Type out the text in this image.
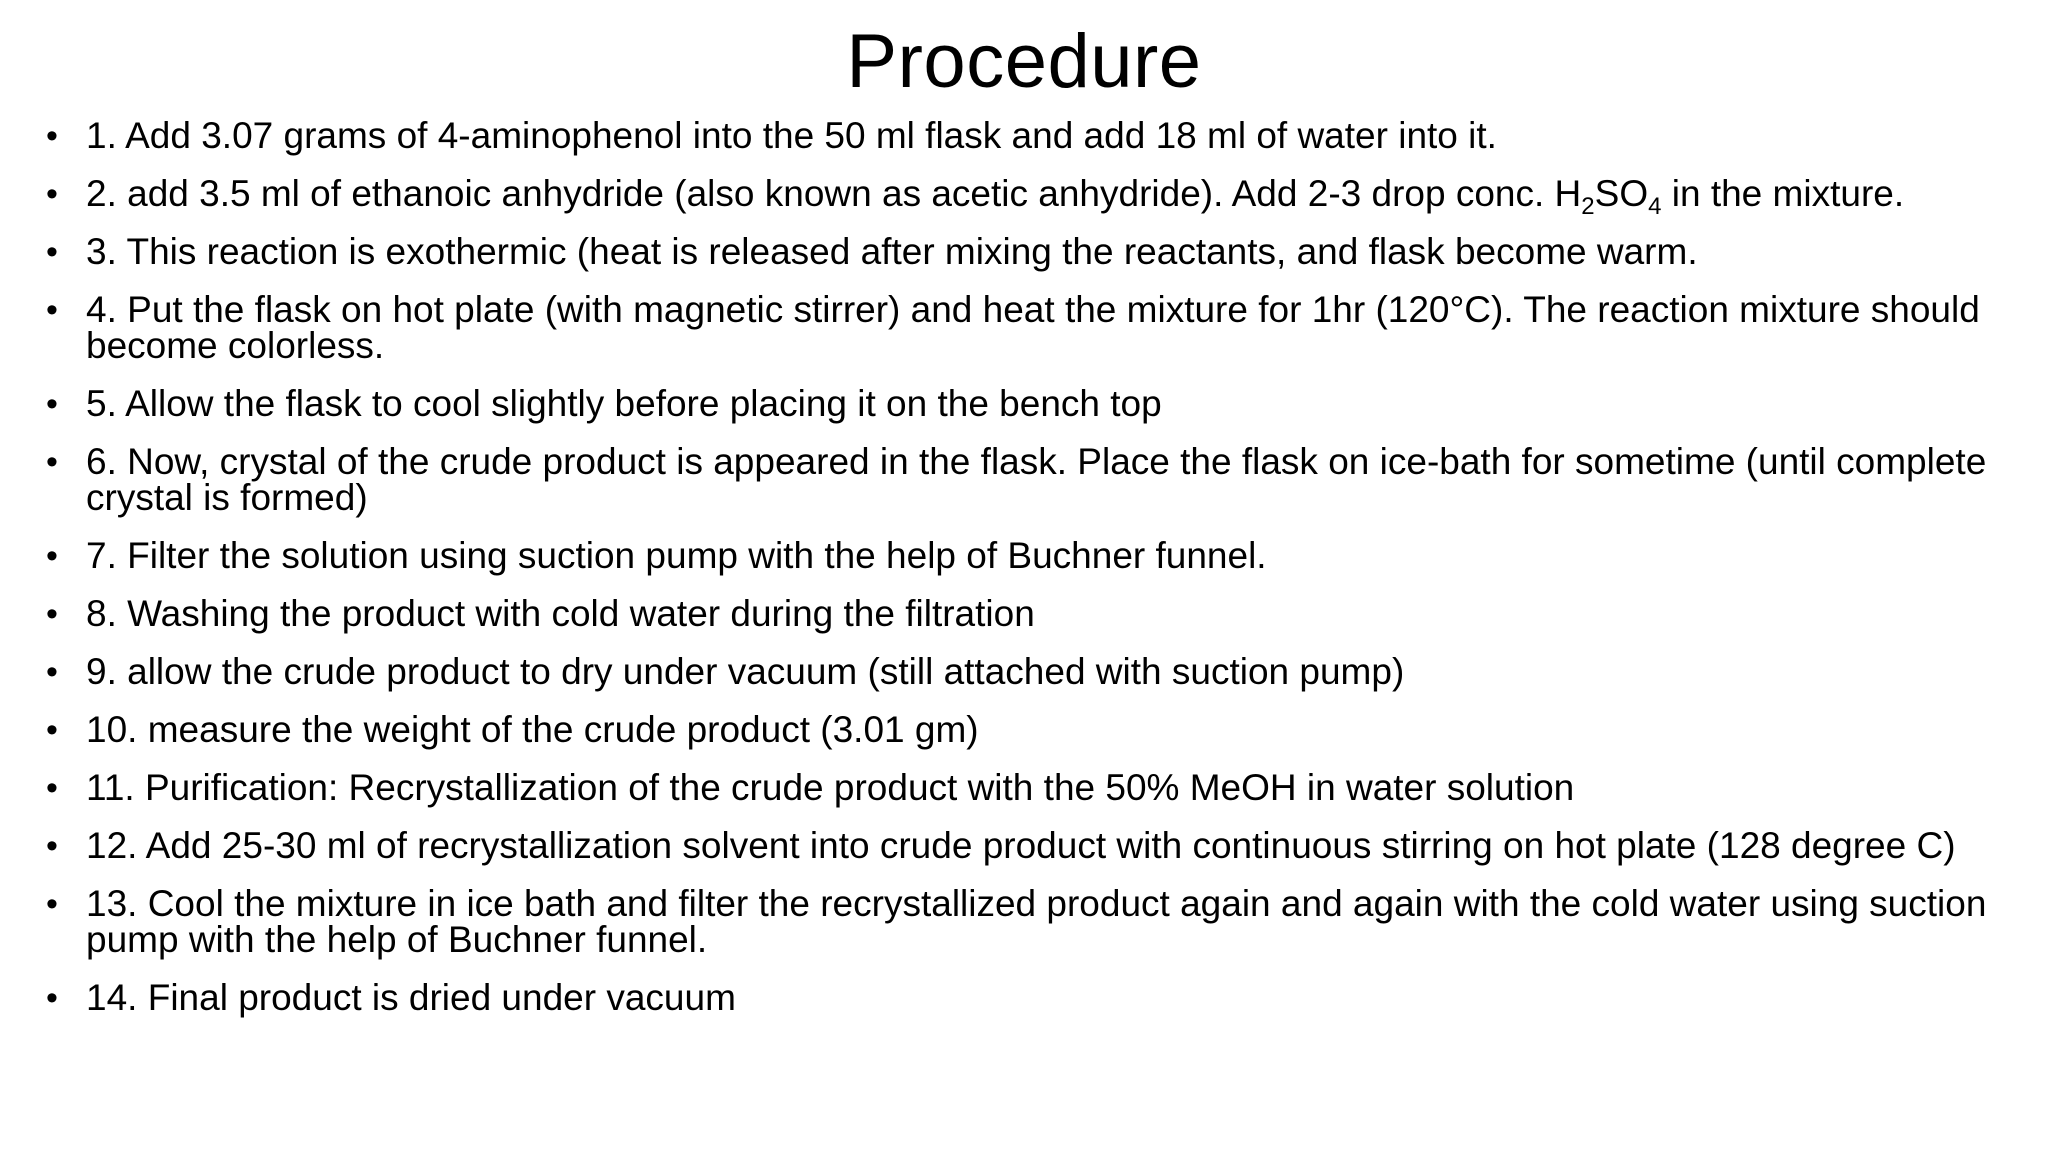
Procedure
• 1. Add 3.07 grams of 4-aminophenol into the 50 ml flask and add 18 ml of water into it.
• 2. add 3.5 ml of ethanoic anhydride (also known as acetic anhydride). Add 2-3 drop conc. $H_2SO_4$ in the mixture.
• 3. This reaction is exothermic (heat is released after mixing the reactants, and flask become warm.
• 4. Put the flask on hot plate (with magnetic stirrer) and heat the mixture for 1hr (120°C). The reaction mixture should become colorless.
• 5. Allow the flask to cool slightly before placing it on the bench top
• 6. Now, crystal of the crude product is appeared in the flask. Place the flask on ice-bath for sometime (until complete crystal is formed)
• 7. Filter the solution using suction pump with the help of Buchner funnel.
• 8. Washing the product with cold water during the filtration
• 9. allow the crude product to dry under vacuum (still attached with suction pump)
• 10. measure the weight of the crude product (3.01 gm)
• 11. Purification: Recrystallization of the crude product with the 50% MeOH in water solution
• 12. Add 25-30 ml of recrystallization solvent into crude product with continuous stirring on hot plate (128 degree C)
• 13. Cool the mixture in ice bath and filter the recrystallized product again and again with the cold water using suction pump with the help of Buchner funnel.
• 14. Final product is dried under vacuum
